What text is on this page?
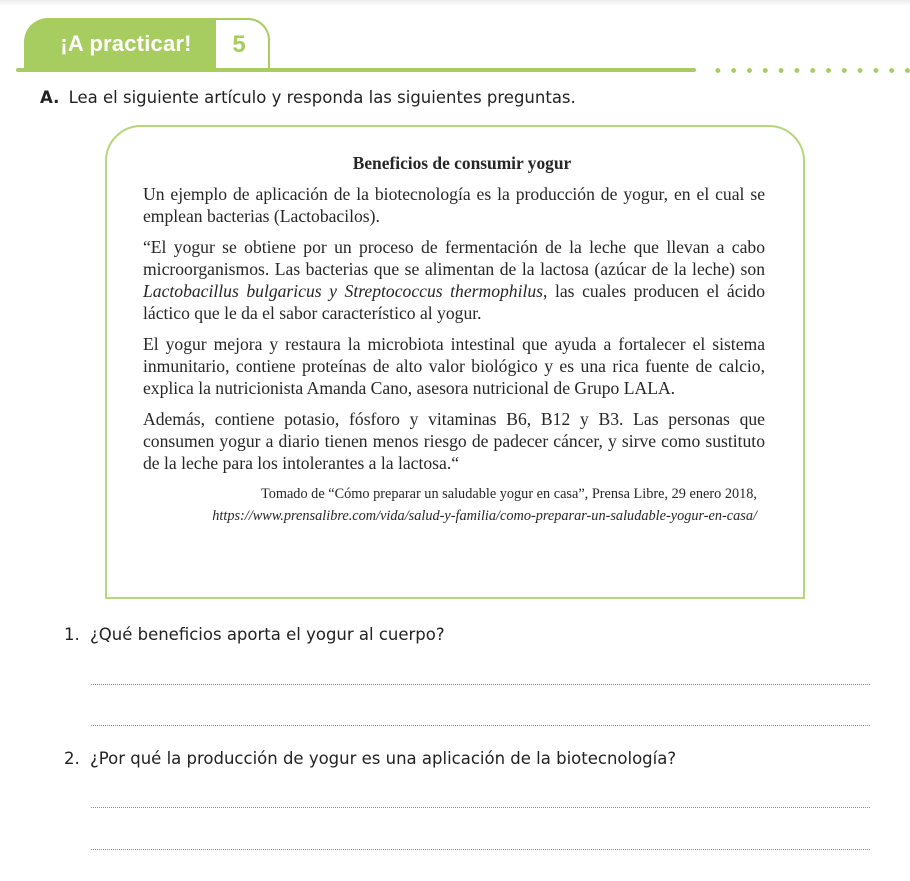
¡A practicar! 5
A. Lea el siguiente artículo y responda las siguientes preguntas.
Beneficios de consumir yogur

Un ejemplo de aplicación de la biotecnología es la producción de yogur, en el cual se emplean bacterias (Lactobacilos).

“El yogur se obtiene por un proceso de fermentación de la leche que llevan a cabo microorganismos. Las bacterias que se alimentan de la lactosa (azúcar de la leche) son Lactobacillus bulgaricus y Streptococcus thermophilus, las cuales producen el ácido láctico que le da el sabor característico al yogur.

El yogur mejora y restaura la microbiota intestinal que ayuda a fortalecer el sistema inmunitario, contiene proteínas de alto valor biológico y es una rica fuente de calcio, explica la nutricionista Amanda Cano, asesora nutricional de Grupo LALA.

Además, contiene potasio, fósforo y vitaminas B6, B12 y B3. Las personas que consumen yogur a diario tienen menos riesgo de padecer cáncer, y sirve como sustituto de la leche para los intolerantes a la lactosa.“

Tomado de “Cómo preparar un saludable yogur en casa”, Prensa Libre, 29 enero 2018,
https://www.prensalibre.com/vida/salud-y-familia/como-preparar-un-saludable-yogur-en-casa/
1. ¿Qué beneficios aporta el yogur al cuerpo?
2. ¿Por qué la producción de yogur es una aplicación de la biotecnología?
